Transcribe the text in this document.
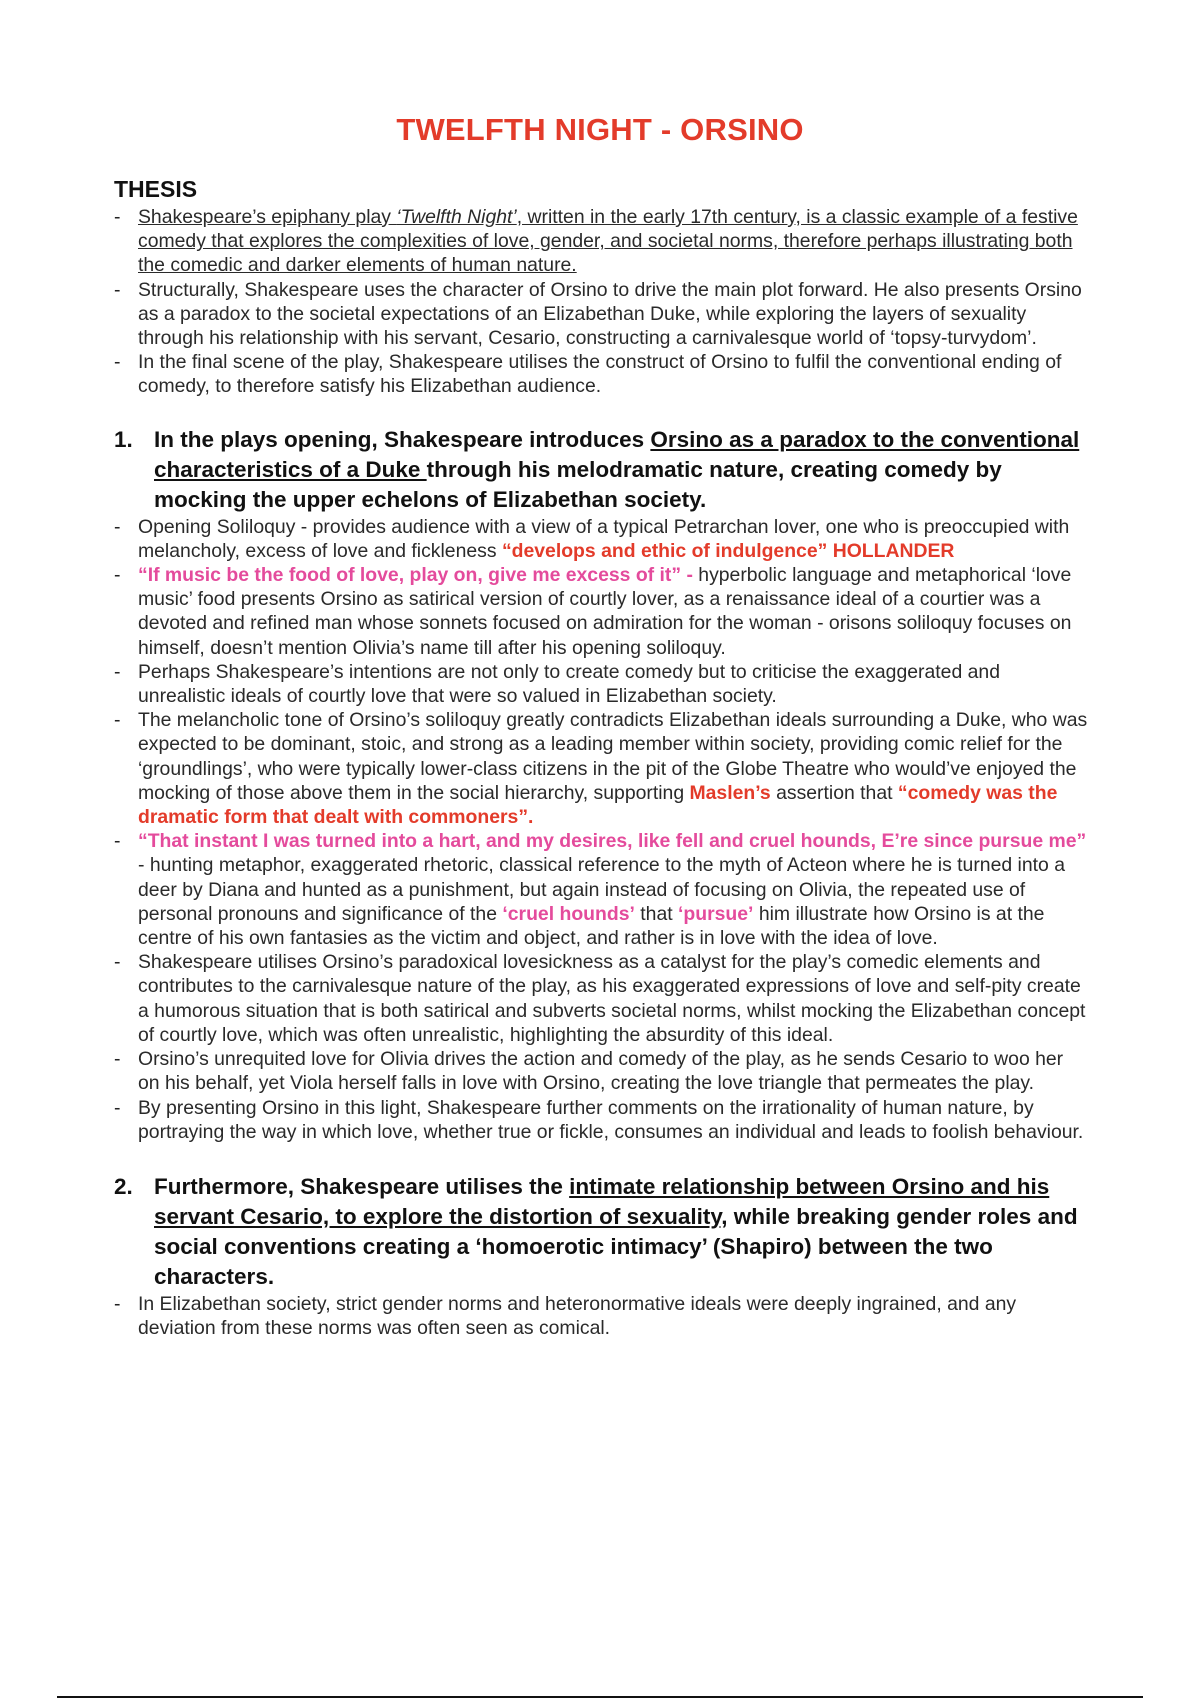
TWELFTH NIGHT - ORSINO
THESIS
- Shakespeare’s epiphany play ‘Twelfth Night’, written in the early 17th century, is a classic example of a festive comedy that explores the complexities of love, gender, and societal norms, therefore perhaps illustrating both the comedic and darker elements of human nature.
- Structurally, Shakespeare uses the character of Orsino to drive the main plot forward. He also presents Orsino as a paradox to the societal expectations of an Elizabethan Duke, while exploring the layers of sexuality through his relationship with his servant, Cesario, constructing a carnivalesque world of ‘topsy-turvydom’.
- In the final scene of the play, Shakespeare utilises the construct of Orsino to fulfil the conventional ending of comedy, to therefore satisfy his Elizabethan audience.
1. In the plays opening, Shakespeare introduces Orsino as a paradox to the conventional characteristics of a Duke through his melodramatic nature, creating comedy by mocking the upper echelons of Elizabethan society.
- Opening Soliloquy - provides audience with a view of a typical Petrarchan lover, one who is preoccupied with melancholy, excess of love and fickleness “develops and ethic of indulgence” HOLLANDER
- “If music be the food of love, play on, give me excess of it” - hyperbolic language and metaphorical ‘love music’ food presents Orsino as satirical version of courtly lover, as a renaissance ideal of a courtier was a devoted and refined man whose sonnets focused on admiration for the woman - orisons soliloquy focuses on himself, doesn’t mention Olivia’s name till after his opening soliloquy.
- Perhaps Shakespeare’s intentions are not only to create comedy but to criticise the exaggerated and unrealistic ideals of courtly love that were so valued in Elizabethan society.
- The melancholic tone of Orsino’s soliloquy greatly contradicts Elizabethan ideals surrounding a Duke, who was expected to be dominant, stoic, and strong as a leading member within society, providing comic relief for the ‘groundlings’, who were typically lower-class citizens in the pit of the Globe Theatre who would’ve enjoyed the mocking of those above them in the social hierarchy, supporting Maslen’s assertion that “comedy was the dramatic form that dealt with commoners”.
- “That instant I was turned into a hart, and my desires, like fell and cruel hounds, E’re since pursue me” - hunting metaphor, exaggerated rhetoric, classical reference to the myth of Acteon where he is turned into a deer by Diana and hunted as a punishment, but again instead of focusing on Olivia, the repeated use of personal pronouns and significance of the ‘cruel hounds’ that ‘pursue’ him illustrate how Orsino is at the centre of his own fantasies as the victim and object, and rather is in love with the idea of love.
- Shakespeare utilises Orsino’s paradoxical lovesickness as a catalyst for the play’s comedic elements and contributes to the carnivalesque nature of the play, as his exaggerated expressions of love and self-pity create a humorous situation that is both satirical and subverts societal norms, whilst mocking the Elizabethan concept of courtly love, which was often unrealistic, highlighting the absurdity of this ideal.
- Orsino’s unrequited love for Olivia drives the action and comedy of the play, as he sends Cesario to woo her on his behalf, yet Viola herself falls in love with Orsino, creating the love triangle that permeates the play.
- By presenting Orsino in this light, Shakespeare further comments on the irrationality of human nature, by portraying the way in which love, whether true or fickle, consumes an individual and leads to foolish behaviour.
2. Furthermore, Shakespeare utilises the intimate relationship between Orsino and his servant Cesario, to explore the distortion of sexuality, while breaking gender roles and social conventions creating a ‘homoerotic intimacy’ (Shapiro) between the two characters.
- In Elizabethan society, strict gender norms and heteronormative ideals were deeply ingrained, and any deviation from these norms was often seen as comical.
